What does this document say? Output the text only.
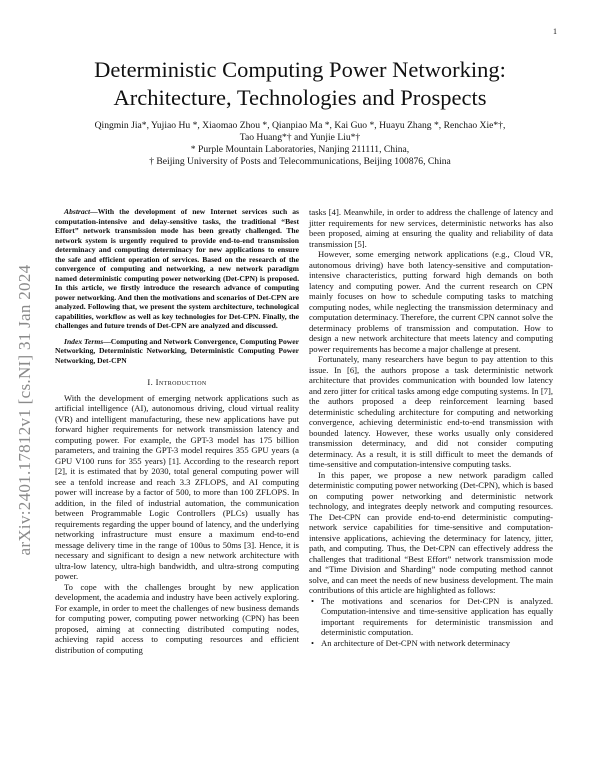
1
arXiv:2401.17812v1 [cs.NI] 31 Jan 2024
Deterministic Computing Power Networking:
Architecture, Technologies and Prospects
Qingmin Jia*, Yujiao Hu *, Xiaomao Zhou *, Qianpiao Ma *, Kai Guo *, Huayu Zhang *, Renchao Xie*†,
Tao Huang*† and Yunjie Liu*†
* Purple Mountain Laboratories, Nanjing 211111, China,
† Beijing University of Posts and Telecommunications, Beijing 100876, China

Abstract—With the development of new Internet services such as computation-intensive and delay-sensitive tasks, the traditional “Best Effort” network transmission mode has been greatly challenged. The network system is urgently required to provide end-to-end transmission determinacy and computing determinacy for new applications to ensure the safe and efficient operation of services. Based on the research of the convergence of computing and networking, a new network paradigm named deterministic computing power networking (Det-CPN) is proposed. In this article, we firstly introduce the research advance of computing power networking. And then the motivations and scenarios of Det-CPN are analyzed. Following that, we present the system architecture, technological capabilities, workflow as well as key technologies for Det-CPN. Finally, the challenges and future trends of Det-CPN are analyzed and discussed.

Index Terms—Computing and Network Convergence, Computing Power Networking, Deterministic Networking, Deterministic Computing Power Networking, Det-CPN

I. Introduction

With the development of emerging network applications such as artificial intelligence (AI), autonomous driving, cloud virtual reality (VR) and intelligent manufacturing, these new applications have put forward higher requirements for network transmission latency and computing power. For example, the GPT-3 model has 175 billion parameters, and training the GPT-3 model requires 355 GPU years (a GPU V100 runs for 355 years) [1]. According to the research report [2], it is estimated that by 2030, total general computing power will see a tenfold increase and reach 3.3 ZFLOPS, and AI computing power will increase by a factor of 500, to more than 100 ZFLOPS. In addition, in the filed of industrial automation, the communication between Programmable Logic Controllers (PLCs) usually has requirements regarding the upper bound of latency, and the underlying networking infrastructure must ensure a maximum end-to-end message delivery time in the range of 100us to 50ms [3]. Hence, it is necessary and significant to design a new network architecture with ultra-low latency, ultra-high bandwidth, and ultra-strong computing power.

To cope with the challenges brought by new application development, the academia and industry have been actively exploring. For example, in order to meet the challenges of new business demands for computing power, computing power networking (CPN) has been proposed, aiming at connecting distributed computing nodes, achieving rapid access to computing resources and efficient distribution of computing

tasks [4]. Meanwhile, in order to address the challenge of latency and jitter requirements for new services, deterministic networks has also been proposed, aiming at ensuring the quality and reliability of data transmission [5].

However, some emerging network applications (e.g., Cloud VR, autonomous driving) have both latency-sensitive and computation-intensive characteristics, putting forward high demands on both latency and computing power. And the current research on CPN mainly focuses on how to schedule computing tasks to matching computing nodes, while neglecting the transmission determinacy and computation determinacy. Therefore, the current CPN cannot solve the determinacy problems of transmission and computation. How to design a new network architecture that meets latency and computing power requirements has become a major challenge at present.

Fortunately, many researchers have begun to pay attention to this issue. In [6], the authors propose a task deterministic network architecture that provides communication with bounded low latency and zero jitter for critical tasks among edge computing systems. In [7], the authors proposed a deep reinforcement learning based deterministic scheduling architecture for computing and networking convergence, achieving deterministic end-to-end transmission with bounded latency. However, these works usually only considered transmission determinacy, and did not consider computing determinacy. As a result, it is still difficult to meet the demands of time-sensitive and computation-intensive computing tasks.

In this paper, we propose a new network paradigm called deterministic computing power networking (Det-CPN), which is based on computing power networking and deterministic network technology, and integrates deeply network and computing resources. The Det-CPN can provide end-to-end deterministic computing-network service capabilities for time-sensitive and computation-intensive applications, achieving the determinacy for latency, jitter, path, and computing. Thus, the Det-CPN can effectively address the challenges that traditional “Best Effort” network transmission mode and “Time Division and Sharding” node computing method cannot solve, and can meet the needs of new business development. The main contributions of this article are highlighted as follows:

• The motivations and scenarios for Det-CPN is analyzed. Computation-intensive and time-sensitive application has equally important requirements for deterministic transmission and deterministic computation.
• An architecture of Det-CPN with network determinacy
